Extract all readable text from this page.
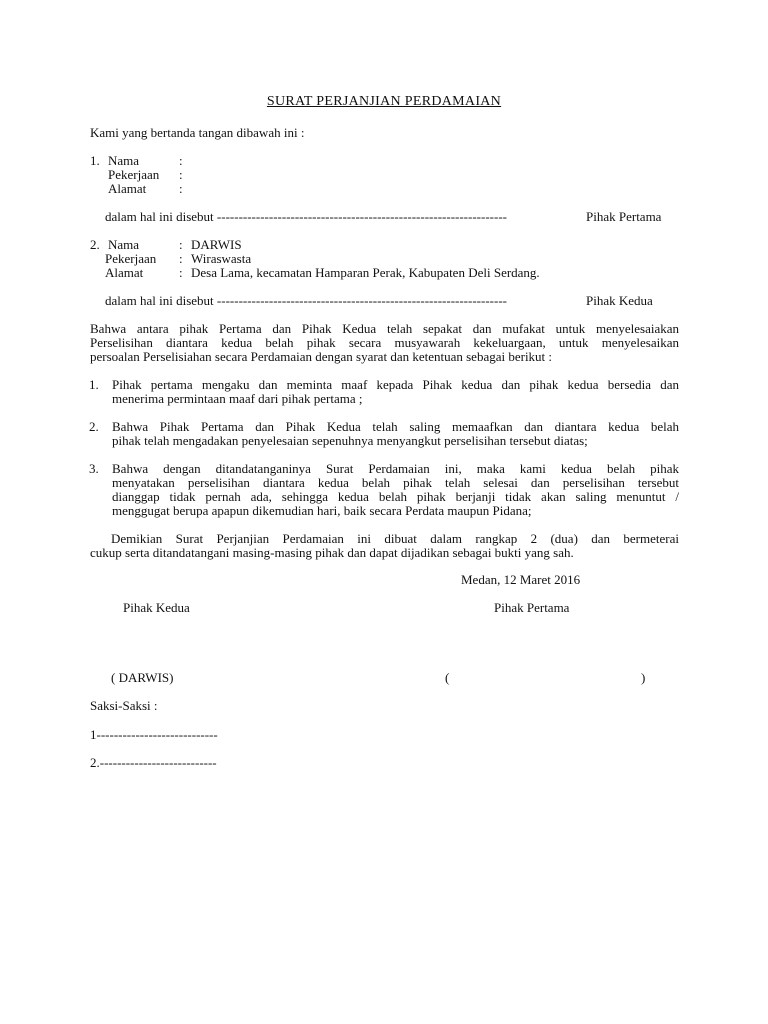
SURAT PERJANJIAN PERDAMAIAN
Kami yang bertanda tangan dibawah ini :
1. Nama	:
Pekerjaan :
Alamat	:
dalam hal ini disebut -------------------------------------------------------------------	Pihak Pertama
2. Nama	: DARWIS
Pekerjaan : Wiraswasta
Alamat	: Desa Lama, kecamatan Hamparan Perak, Kabupaten Deli Serdang.
dalam hal ini disebut -------------------------------------------------------------------	Pihak Kedua
Bahwa antara pihak Pertama dan Pihak Kedua telah sepakat dan mufakat untuk menyelesaiakan
Perselisihan diantara kedua belah pihak secara musyawarah kekeluargaan, untuk menyelesaikan
persoalan Perselisiahan secara Perdamaian dengan syarat dan ketentuan sebagai berikut :
1. Pihak pertama mengaku dan meminta maaf kepada Pihak kedua dan pihak kedua bersedia dan
menerima permintaan maaf dari pihak pertama ;
2. Bahwa Pihak Pertama dan Pihak Kedua telah saling memaafkan dan diantara kedua belah
pihak telah mengadakan penyelesaian sepenuhnya menyangkut perselisihan tersebut diatas;
3. Bahwa dengan ditandatanganinya Surat Perdamaian ini, maka kami kedua belah pihak
menyatakan perselisihan diantara kedua belah pihak telah selesai dan perselisihan tersebut
dianggap tidak pernah ada, sehingga kedua belah pihak berjanji tidak akan saling menuntut /
menggugat berupa apapun dikemudian hari, baik secara Perdata maupun Pidana;
Demikian Surat Perjanjian Perdamaian ini dibuat dalam rangkap 2 (dua) dan bermeterai
cukup serta ditandatangani masing-masing pihak dan dapat dijadikan sebagai bukti yang sah.
Medan, 12 Maret 2016
Pihak Kedua	Pihak Pertama
( DARWIS)	(	)
Saksi-Saksi :
1----------------------------
2.---------------------------
